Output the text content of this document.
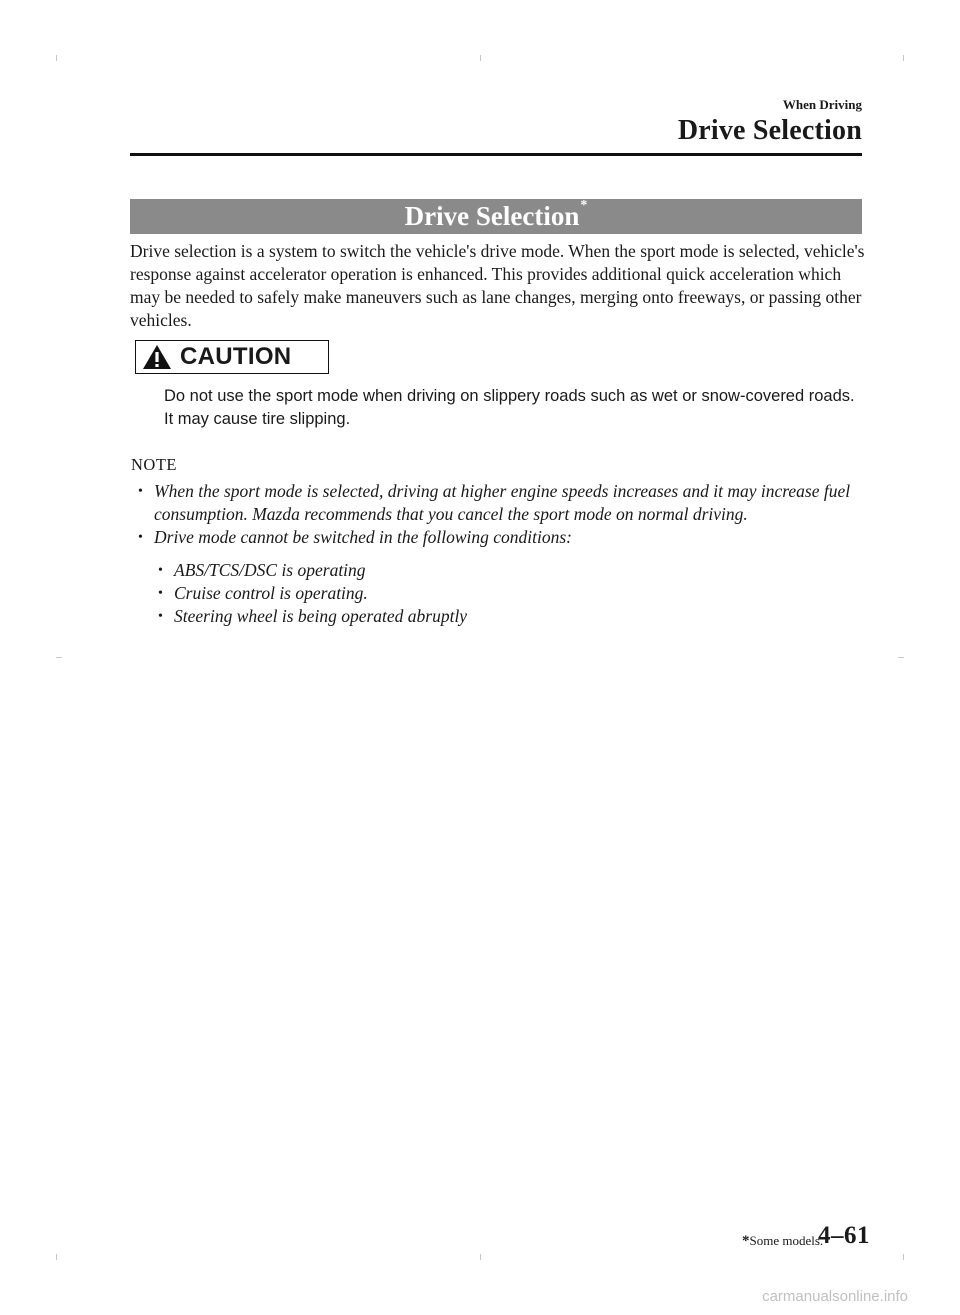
When Driving
Drive Selection
Drive Selection*
Drive selection is a system to switch the vehicle's drive mode. When the sport mode is selected, vehicle's response against accelerator operation is enhanced. This provides additional quick acceleration which may be needed to safely make maneuvers such as lane changes, merging onto freeways, or passing other vehicles.
CAUTION
Do not use the sport mode when driving on slippery roads such as wet or snow-covered roads. It may cause tire slipping.
NOTE
• When the sport mode is selected, driving at higher engine speeds increases and it may increase fuel consumption. Mazda recommends that you cancel the sport mode on normal driving.
• Drive mode cannot be switched in the following conditions:
• ABS/TCS/DSC is operating
• Cruise control is operating.
• Steering wheel is being operated abruptly
*Some models.
4–61
carmanualsonline.info
